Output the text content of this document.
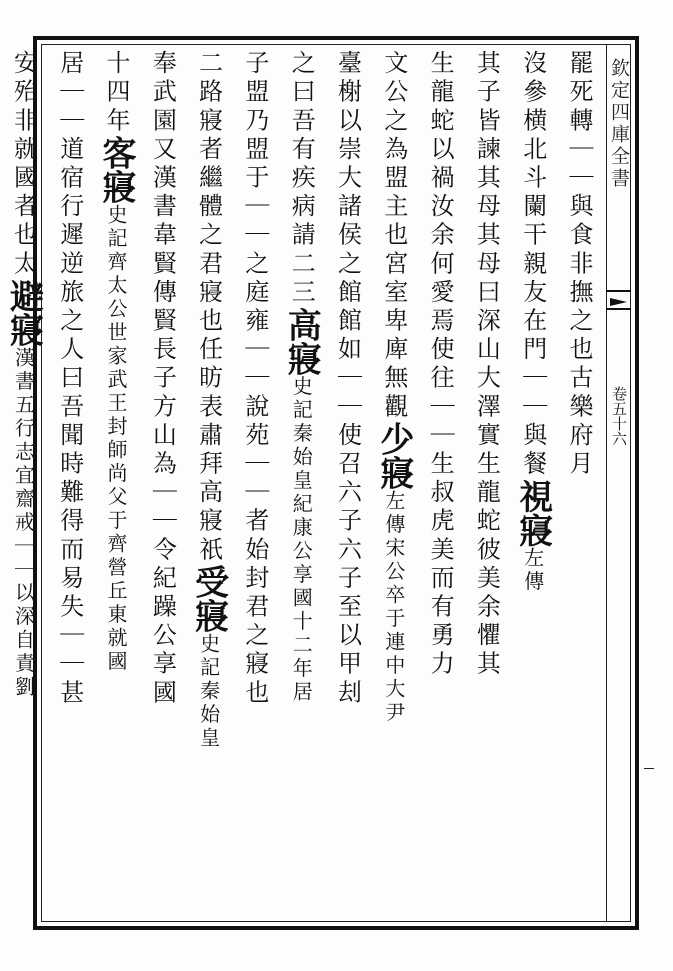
欽定四庫全書
卷五十六
罷死轉｜｜與食非撫之也古樂府月
沒參横北斗闌干親友在門｜｜與餐視寢左傳
其子皆諫其母其母曰深山大澤實生龍蛇彼美余懼其
生龍蛇以禍汝余何愛焉使往｜｜生叔虎美而有勇力
文公之為盟主也宮室卑庳無觀少寢左傳宋公卒于連中大尹
臺榭以崇大諸侯之館館如｜｜使召六子六子至以甲刦
之曰吾有疾病請二三高寢史記秦始皇紀康公享國十二年居
子盟乃盟于｜｜之庭雍｜｜說苑｜｜者始封君之寢也
二路寢者繼體之君寢也任昉表肅拜高寢祇受寢史記秦始皇
奉武園又漢書韋賢傳賢長子方山為｜｜令紀躁公享國
十四年客寢史記齊太公世家武王封師尚父于齊營丘東就國
居｜｜道宿行遲逆旅之人曰吾聞時難得而易失｜｜甚
安殆非就國者也太避寢漢書五行志宜齋戒｜｜以深自責劉
